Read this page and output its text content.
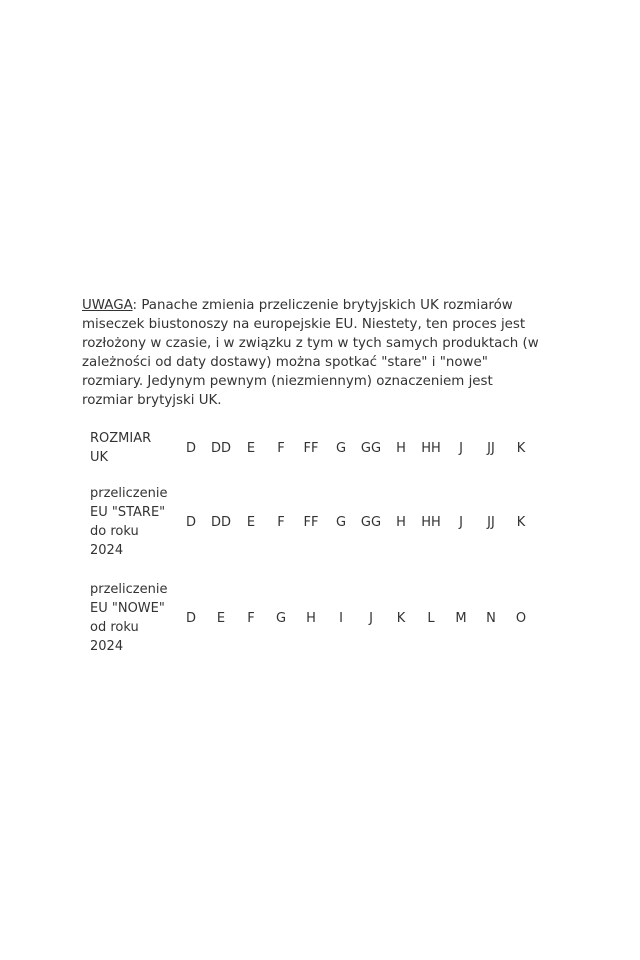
UWAGA: Panache zmienia przeliczenie brytyjskich UK rozmiarów miseczek biustonoszy na europejskie EU. Niestety, ten proces jest rozłożony w czasie, i w związku z tym w tych samych produktach (w zależności od daty dostawy) można spotkać "stare" i "nowe" rozmiary. Jedynym pewnym (niezmiennym) oznaczeniem jest rozmiar brytyjski UK.

ROZMIAR UK	D	DD	E	F	FF	G	GG	H	HH	J	JJ	K
przeliczenie EU "STARE" do roku 2024	D	DD	E	F	FF	G	GG	H	HH	J	JJ	K
przeliczenie EU "NOWE" od roku 2024	D	E	F	G	H	I	J	K	L	M	N	O
